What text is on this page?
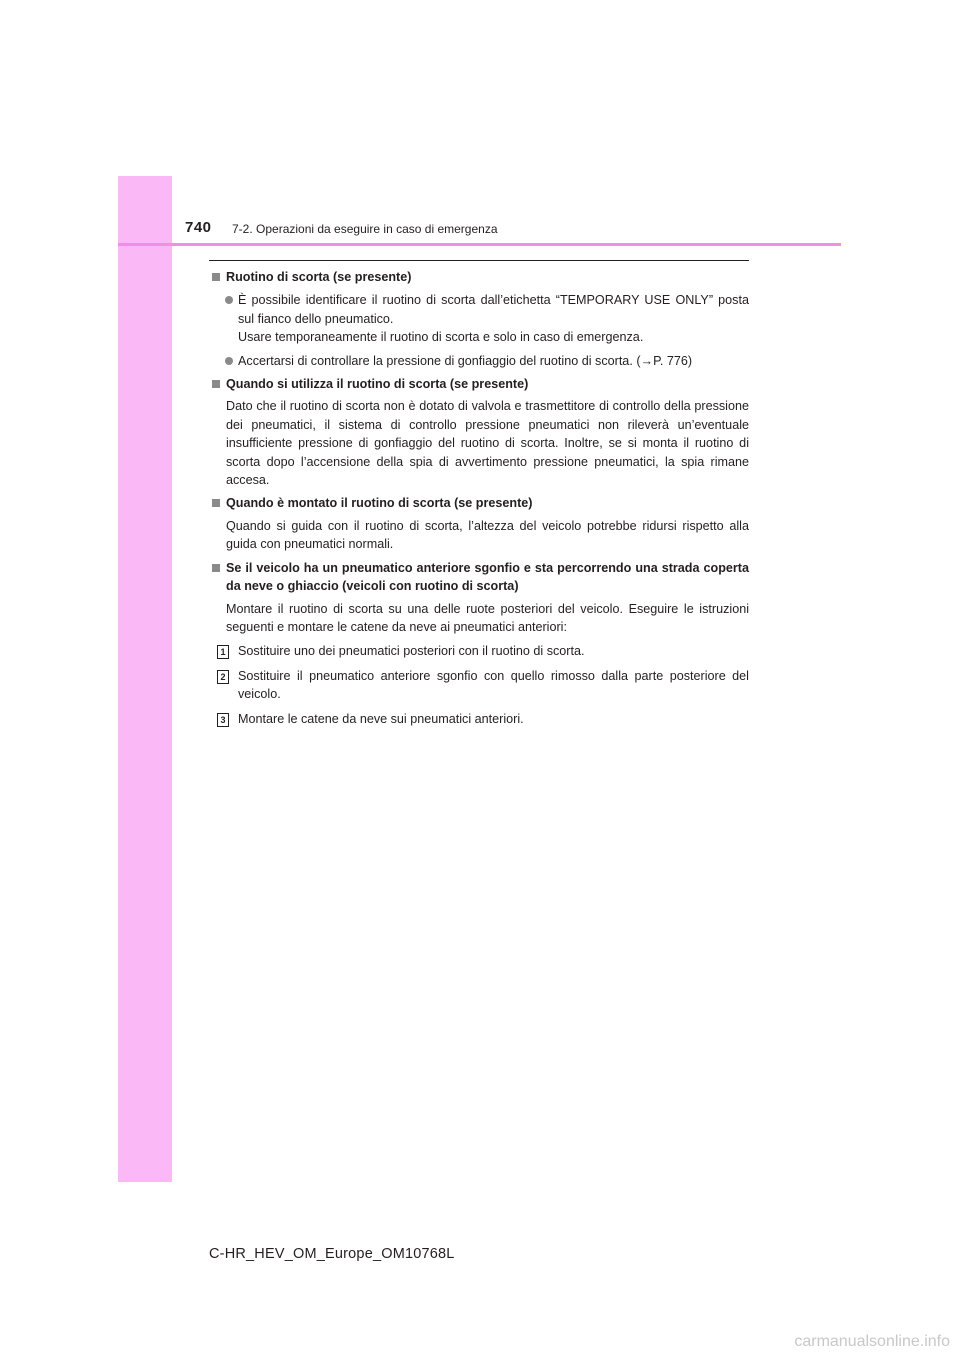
740 7-2. Operazioni da eseguire in caso di emergenza
Ruotino di scorta (se presente)
È possibile identificare il ruotino di scorta dall’etichetta “TEMPORARY USE ONLY” posta sul fianco dello pneumatico.
Usare temporaneamente il ruotino di scorta e solo in caso di emergenza.
Accertarsi di controllare la pressione di gonfiaggio del ruotino di scorta. (→P. 776)
Quando si utilizza il ruotino di scorta (se presente)
Dato che il ruotino di scorta non è dotato di valvola e trasmettitore di controllo della pressione dei pneumatici, il sistema di controllo pressione pneumatici non rileverà un’eventuale insufficiente pressione di gonfiaggio del ruotino di scorta. Inoltre, se si monta il ruotino di scorta dopo l’accensione della spia di avvertimento pressione pneumatici, la spia rimane accesa.
Quando è montato il ruotino di scorta (se presente)
Quando si guida con il ruotino di scorta, l’altezza del veicolo potrebbe ridursi rispetto alla guida con pneumatici normali.
Se il veicolo ha un pneumatico anteriore sgonfio e sta percorrendo una strada coperta da neve o ghiaccio (veicoli con ruotino di scorta)
Montare il ruotino di scorta su una delle ruote posteriori del veicolo. Eseguire le istruzioni seguenti e montare le catene da neve ai pneumatici anteriori:
1 Sostituire uno dei pneumatici posteriori con il ruotino di scorta.
2 Sostituire il pneumatico anteriore sgonfio con quello rimosso dalla parte posteriore del veicolo.
3 Montare le catene da neve sui pneumatici anteriori.
C-HR_HEV_OM_Europe_OM10768L
carmanualsonline.info
